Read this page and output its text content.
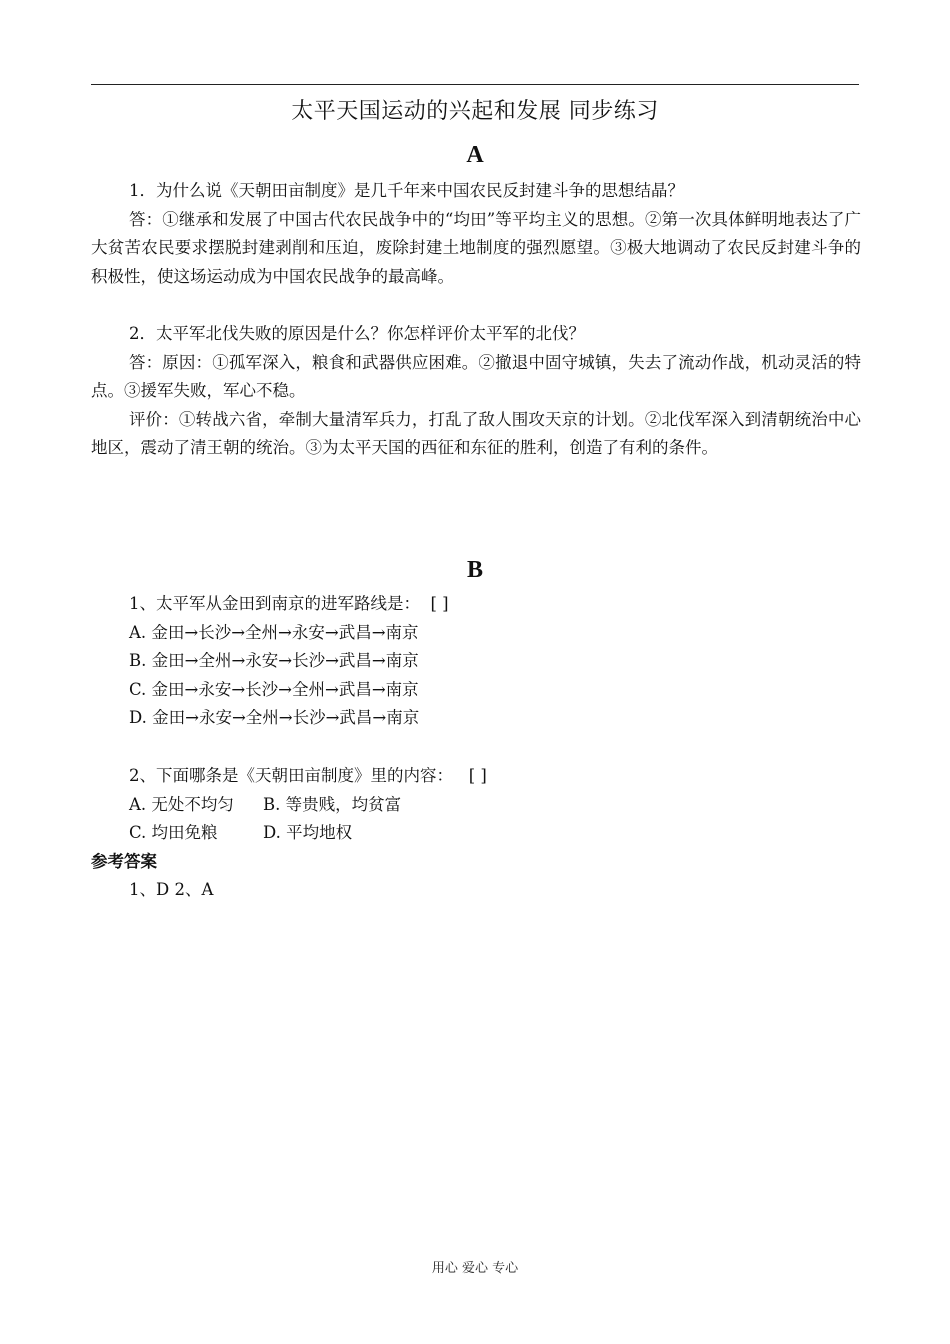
太平天国运动的兴起和发展 同步练习
A

1．为什么说《天朝田亩制度》是几千年来中国农民反封建斗争的思想结晶？

答：①继承和发展了中国古代农民战争中的“均田”等平均主义的思想。②第一次具体鲜明地表达了广大贫苦农民要求摆脱封建剥削和压迫，废除封建土地制度的强烈愿望。③极大地调动了农民反封建斗争的积极性，使这场运动成为中国农民战争的最高峰。

2．太平军北伐失败的原因是什么？你怎样评价太平军的北伐？

答：原因：①孤军深入，粮食和武器供应困难。②撤退中固守城镇，失去了流动作战，机动灵活的特点。③援军失败，军心不稳。

评价：①转战六省，牵制大量清军兵力，打乱了敌人围攻天京的计划。②北伐军深入到清朝统治中心地区，震动了清王朝的统治。③为太平天国的西征和东征的胜利，创造了有利的条件。

B
1、太平军从金田到南京的进军路线是：  [ ]
A. 金田→长沙→全州→永安→武昌→南京
B. 金田→全州→永安→长沙→武昌→南京
C. 金田→永安→长沙→全州→武昌→南京
D. 金田→永安→全州→长沙→武昌→南京
2、下面哪条是《天朝田亩制度》里的内容：   [ ]
A. 无处不均匀 B. 等贵贱，均贫富
C. 均田免粮	D. 平均地权
参考答案
1、D 2、A
用心 爱心 专心
